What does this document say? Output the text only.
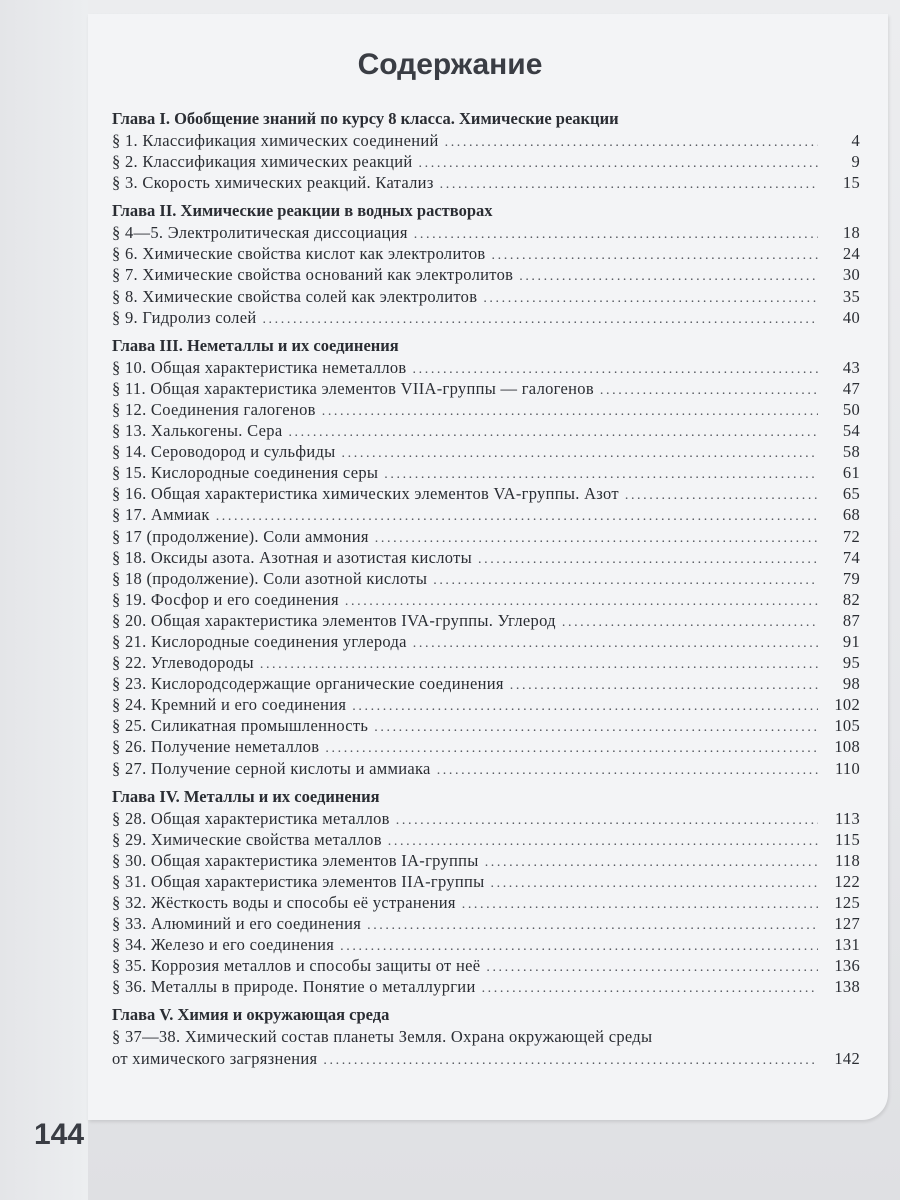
Содержание
Глава I. Обобщение знаний по курсу 8 класса. Химические реакции
§ 1. Классификация химических соединений .....	4
§ 2. Классификация химических реакций .....	9
§ 3. Скорость химических реакций. Катализ .....	15
Глава II. Химические реакции в водных растворах
§ 4—5. Электролитическая диссоциация .....	18
§ 6. Химические свойства кислот как электролитов .....	24
§ 7. Химические свойства оснований как электролитов .....	30
§ 8. Химические свойства солей как электролитов .....	35
§ 9. Гидролиз солей .....	40
Глава III. Неметаллы и их соединения
§ 10. Общая характеристика неметаллов .....	43
§ 11. Общая характеристика элементов VIIA-группы — галогенов .....	47
§ 12. Соединения галогенов .....	50
§ 13. Халькогены. Сера .....	54
§ 14. Сероводород и сульфиды .....	58
§ 15. Кислородные соединения серы .....	61
§ 16. Общая характеристика химических элементов VA-группы. Азот .....	65
§ 17. Аммиак .....	68
§ 17 (продолжение). Соли аммония .....	72
§ 18. Оксиды азота. Азотная и азотистая кислоты .....	74
§ 18 (продолжение). Соли азотной кислоты .....	79
§ 19. Фосфор и его соединения .....	82
§ 20. Общая характеристика элементов IVA-группы. Углерод .....	87
§ 21. Кислородные соединения углерода .....	91
§ 22. Углеводороды .....	95
§ 23. Кислородсодержащие органические соединения .....	98
§ 24. Кремний и его соединения .....	102
§ 25. Силикатная промышленность .....	105
§ 26. Получение неметаллов .....	108
§ 27. Получение серной кислоты и аммиака .....	110
Глава IV. Металлы и их соединения
§ 28. Общая характеристика металлов .....	113
§ 29. Химические свойства металлов .....	115
§ 30. Общая характеристика элементов IA-группы .....	118
§ 31. Общая характеристика элементов IIA-группы .....	122
§ 32. Жёсткость воды и способы её устранения .....	125
§ 33. Алюминий и его соединения .....	127
§ 34. Железо и его соединения .....	131
§ 35. Коррозия металлов и способы защиты от неё .....	136
§ 36. Металлы в природе. Понятие о металлургии .....	138
Глава V. Химия и окружающая среда
§ 37—38. Химический состав планеты Земля. Охрана окружающей среды
от химического загрязнения .....	142
144
